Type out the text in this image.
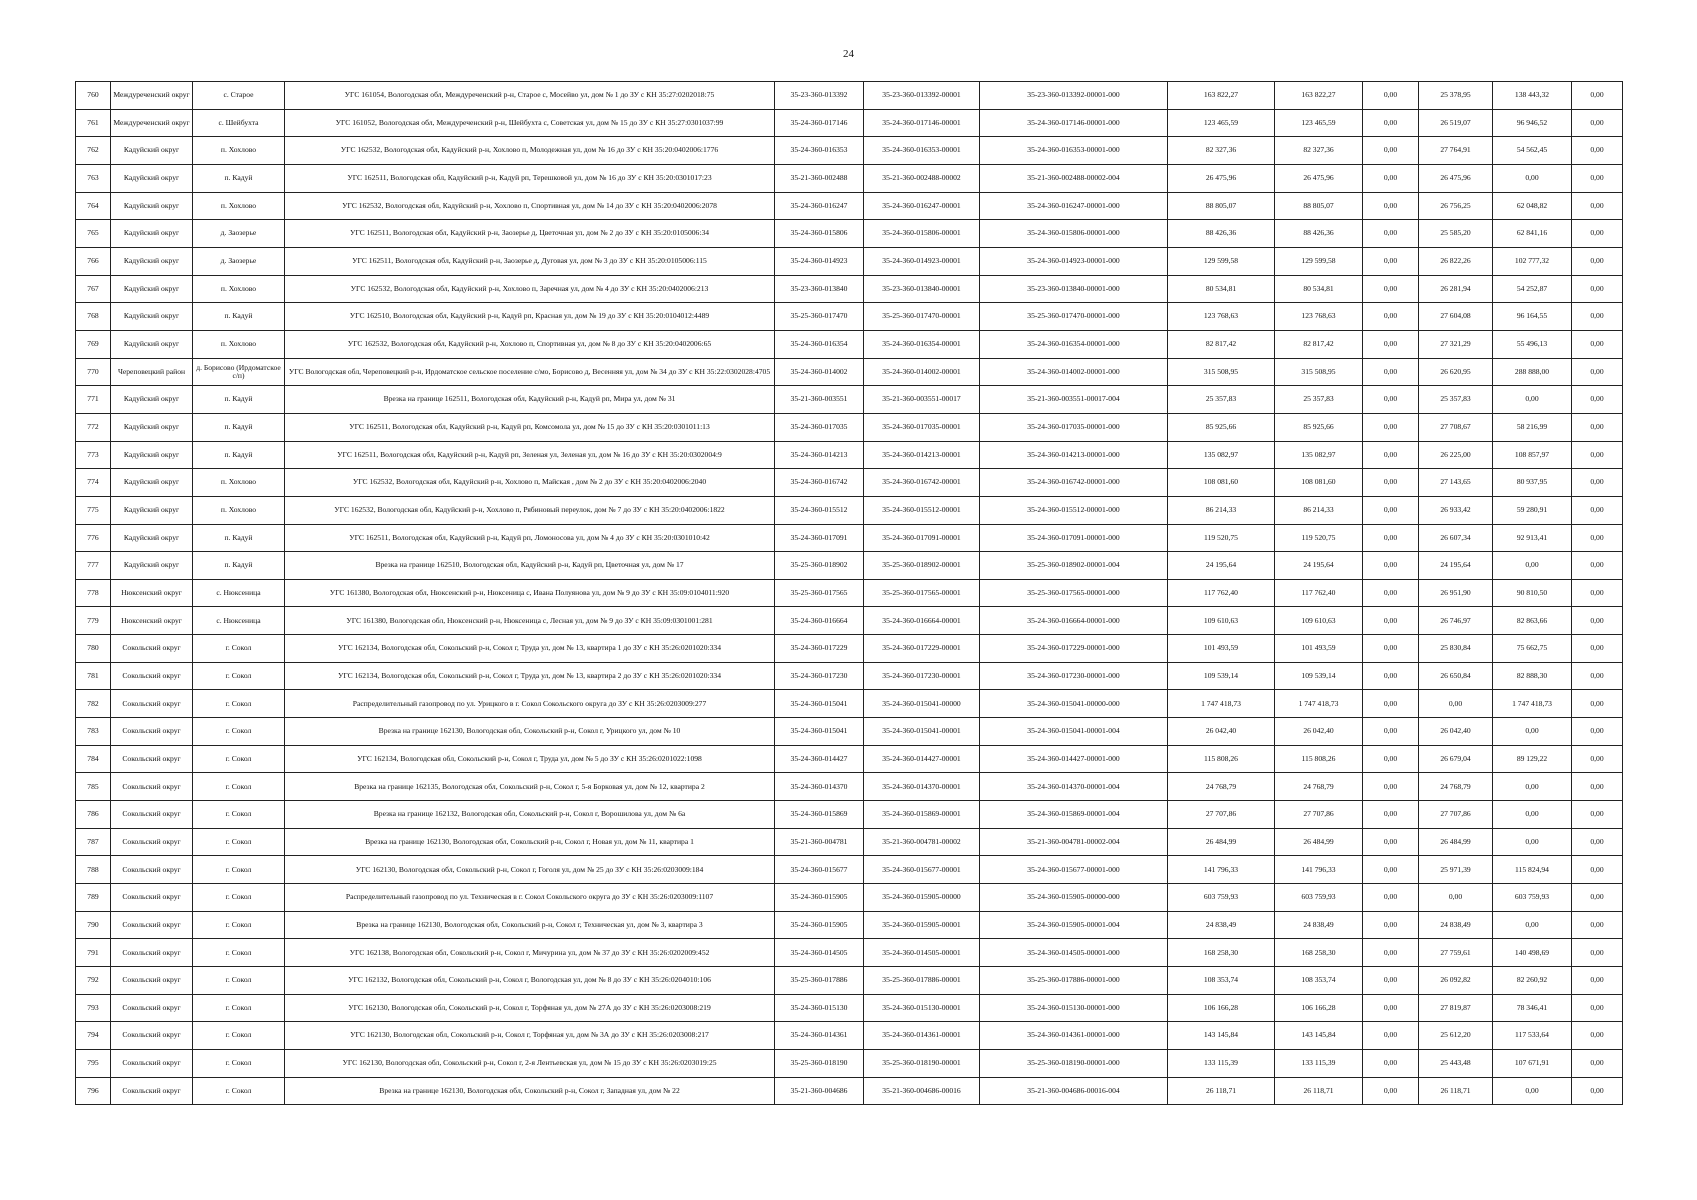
24
760	Междуреченский округ	с. Старое	УГС 161054, Вологодская обл, Междуреченский р-н, Старое с, Мосейво ул, дом № 1 до ЗУ с КН 35:27:0202018:75	35-23-360-013392	35-23-360-013392-00001	35-23-360-013392-00001-000	163 822,27	163 822,27	0,00	25 378,95	138 443,32	0,00
761	Междуреченский округ	с. Шейбухта	УГС 161052, Вологодская обл, Междуреченский р-н, Шейбухта с, Советская ул, дом № 15 до ЗУ с КН 35:27:0301037:99	35-24-360-017146	35-24-360-017146-00001	35-24-360-017146-00001-000	123 465,59	123 465,59	0,00	26 519,07	96 946,52	0,00
762	Кадуйский округ	п. Хохлово	УГС 162532, Вологодская обл, Кадуйский р-н, Хохлово п, Молодежная ул, дом № 16 до ЗУ с КН 35:20:0402006:1776	35-24-360-016353	35-24-360-016353-00001	35-24-360-016353-00001-000	82 327,36	82 327,36	0,00	27 764,91	54 562,45	0,00
763	Кадуйский округ	п. Кадуй	УГС 162511, Вологодская обл, Кадуйский р-н, Кадуй рп, Терешковой ул, дом № 16 до ЗУ с КН 35:20:0301017:23	35-21-360-002488	35-21-360-002488-00002	35-21-360-002488-00002-004	26 475,96	26 475,96	0,00	26 475,96	0,00	0,00
764	Кадуйский округ	п. Хохлово	УГС 162532, Вологодская обл, Кадуйский р-н, Хохлово п, Спортивная ул, дом № 14 до ЗУ с КН 35:20:0402006:2078	35-24-360-016247	35-24-360-016247-00001	35-24-360-016247-00001-000	88 805,07	88 805,07	0,00	26 756,25	62 048,82	0,00
765	Кадуйский округ	д. Заозерье	УГС 162511, Вологодская обл, Кадуйский р-н, Заозерье д, Цветочная ул, дом № 2 до ЗУ с КН 35:20:0105006:34	35-24-360-015806	35-24-360-015806-00001	35-24-360-015806-00001-000	88 426,36	88 426,36	0,00	25 585,20	62 841,16	0,00
766	Кадуйский округ	д. Заозерье	УГС 162511, Вологодская обл, Кадуйский р-н, Заозерье д, Дуговая ул, дом № 3 до ЗУ с КН 35:20:0105006:115	35-24-360-014923	35-24-360-014923-00001	35-24-360-014923-00001-000	129 599,58	129 599,58	0,00	26 822,26	102 777,32	0,00
767	Кадуйский округ	п. Хохлово	УГС 162532, Вологодская обл, Кадуйский р-н, Хохлово п, Заречная ул, дом № 4 до ЗУ с КН 35:20:0402006:213	35-23-360-013840	35-23-360-013840-00001	35-23-360-013840-00001-000	80 534,81	80 534,81	0,00	26 281,94	54 252,87	0,00
768	Кадуйский округ	п. Кадуй	УГС 162510, Вологодская обл, Кадуйский р-н, Кадуй рп, Красная ул, дом № 19 до ЗУ с КН 35:20:0104012:4489	35-25-360-017470	35-25-360-017470-00001	35-25-360-017470-00001-000	123 768,63	123 768,63	0,00	27 604,08	96 164,55	0,00
769	Кадуйский округ	п. Хохлово	УГС 162532, Вологодская обл, Кадуйский р-н, Хохлово п, Спортивная ул, дом № 8 до ЗУ с КН 35:20:0402006:65	35-24-360-016354	35-24-360-016354-00001	35-24-360-016354-00001-000	82 817,42	82 817,42	0,00	27 321,29	55 496,13	0,00
770	Череповецкий район	д. Борисово (Ирдоматское с/п)	УГС Вологодская обл, Череповецкий р-н, Ирдоматское сельское поселение с/мо, Борисово д, Весенняя ул, дом № 34 до ЗУ с КН 35:22:0302028:4705	35-24-360-014002	35-24-360-014002-00001	35-24-360-014002-00001-000	315 508,95	315 508,95	0,00	26 620,95	288 888,00	0,00
771	Кадуйский округ	п. Кадуй	Врезка на границе 162511, Вологодская обл, Кадуйский р-н, Кадуй рп, Мира ул, дом № 31	35-21-360-003551	35-21-360-003551-00017	35-21-360-003551-00017-004	25 357,83	25 357,83	0,00	25 357,83	0,00	0,00
772	Кадуйский округ	п. Кадуй	УГС 162511, Вологодская обл, Кадуйский р-н, Кадуй рп, Комсомола ул, дом № 15 до ЗУ с КН 35:20:0301011:13	35-24-360-017035	35-24-360-017035-00001	35-24-360-017035-00001-000	85 925,66	85 925,66	0,00	27 708,67	58 216,99	0,00
773	Кадуйский округ	п. Кадуй	УГС 162511, Вологодская обл, Кадуйский р-н, Кадуй рп, Зеленая ул, Зеленая ул, дом № 16 до ЗУ с КН 35:20:0302004:9	35-24-360-014213	35-24-360-014213-00001	35-24-360-014213-00001-000	135 082,97	135 082,97	0,00	26 225,00	108 857,97	0,00
774	Кадуйский округ	п. Хохлово	УГС 162532, Вологодская обл, Кадуйский р-н, Хохлово п, Майская , дом № 2 до ЗУ с КН 35:20:0402006:2040	35-24-360-016742	35-24-360-016742-00001	35-24-360-016742-00001-000	108 081,60	108 081,60	0,00	27 143,65	80 937,95	0,00
775	Кадуйский округ	п. Хохлово	УГС 162532, Вологодская обл, Кадуйский р-н, Хохлово п, Рябиновый переулок, дом № 7 до ЗУ с КН 35:20:0402006:1822	35-24-360-015512	35-24-360-015512-00001	35-24-360-015512-00001-000	86 214,33	86 214,33	0,00	26 933,42	59 280,91	0,00
776	Кадуйский округ	п. Кадуй	УГС 162511, Вологодская обл, Кадуйский р-н, Кадуй рп, Ломоносова ул, дом № 4 до ЗУ с КН 35:20:0301010:42	35-24-360-017091	35-24-360-017091-00001	35-24-360-017091-00001-000	119 520,75	119 520,75	0,00	26 607,34	92 913,41	0,00
777	Кадуйский округ	п. Кадуй	Врезка на границе 162510, Вологодская обл, Кадуйский р-н, Кадуй рп, Цветочная ул, дом № 17	35-25-360-018902	35-25-360-018902-00001	35-25-360-018902-00001-004	24 195,64	24 195,64	0,00	24 195,64	0,00	0,00
778	Нюксенский округ	с. Нюксеница	УГС 161380, Вологодская обл, Нюксенский р-н, Нюксеница с, Ивана Полуянова ул, дом № 9 до ЗУ с КН 35:09:0104011:920	35-25-360-017565	35-25-360-017565-00001	35-25-360-017565-00001-000	117 762,40	117 762,40	0,00	26 951,90	90 810,50	0,00
779	Нюксенский округ	с. Нюксеница	УГС 161380, Вологодская обл, Нюксенский р-н, Нюксеница с, Лесная ул, дом № 9 до ЗУ с КН 35:09:0301001:281	35-24-360-016664	35-24-360-016664-00001	35-24-360-016664-00001-000	109 610,63	109 610,63	0,00	26 746,97	82 863,66	0,00
780	Сокольский округ	г. Сокол	УГС 162134, Вологодская обл, Сокольский р-н, Сокол г, Труда ул, дом № 13, квартира 1 до ЗУ с КН 35:26:0201020:334	35-24-360-017229	35-24-360-017229-00001	35-24-360-017229-00001-000	101 493,59	101 493,59	0,00	25 830,84	75 662,75	0,00
781	Сокольский округ	г. Сокол	УГС 162134, Вологодская обл, Сокольский р-н, Сокол г, Труда ул, дом № 13, квартира 2 до ЗУ с КН 35:26:0201020:334	35-24-360-017230	35-24-360-017230-00001	35-24-360-017230-00001-000	109 539,14	109 539,14	0,00	26 650,84	82 888,30	0,00
782	Сокольский округ	г. Сокол	Распределительный газопровод по ул. Урицкого в г. Сокол Сокольского округа до ЗУ с КН 35:26:0203009:277	35-24-360-015041	35-24-360-015041-00000	35-24-360-015041-00000-000	1 747 418,73	1 747 418,73	0,00	0,00	1 747 418,73	0,00
783	Сокольский округ	г. Сокол	Врезка на границе 162130, Вологодская обл, Сокольский р-н, Сокол г, Урицкого ул, дом № 10	35-24-360-015041	35-24-360-015041-00001	35-24-360-015041-00001-004	26 042,40	26 042,40	0,00	26 042,40	0,00	0,00
784	Сокольский округ	г. Сокол	УГС 162134, Вологодская обл, Сокольский р-н, Сокол г, Труда ул, дом № 5 до ЗУ с КН 35:26:0201022:1098	35-24-360-014427	35-24-360-014427-00001	35-24-360-014427-00001-000	115 808,26	115 808,26	0,00	26 679,04	89 129,22	0,00
785	Сокольский округ	г. Сокол	Врезка на границе 162135, Вологодская обл, Сокольский р-н, Сокол г, 5-я Борковая ул, дом № 12, квартира 2	35-24-360-014370	35-24-360-014370-00001	35-24-360-014370-00001-004	24 768,79	24 768,79	0,00	24 768,79	0,00	0,00
786	Сокольский округ	г. Сокол	Врезка на границе 162132, Вологодская обл, Сокольский р-н, Сокол г, Ворошилова ул, дом № 6а	35-24-360-015869	35-24-360-015869-00001	35-24-360-015869-00001-004	27 707,86	27 707,86	0,00	27 707,86	0,00	0,00
787	Сокольский округ	г. Сокол	Врезка на границе 162130, Вологодская обл, Сокольский р-н, Сокол г, Новая ул, дом № 11, квартира 1	35-21-360-004781	35-21-360-004781-00002	35-21-360-004781-00002-004	26 484,99	26 484,99	0,00	26 484,99	0,00	0,00
788	Сокольский округ	г. Сокол	УГС 162130, Вологодская обл, Сокольский р-н, Сокол г, Гоголя ул, дом № 25 до ЗУ с КН 35:26:0203009:184	35-24-360-015677	35-24-360-015677-00001	35-24-360-015677-00001-000	141 796,33	141 796,33	0,00	25 971,39	115 824,94	0,00
789	Сокольский округ	г. Сокол	Распределительный газопровод по ул. Техническая в г. Сокол Сокольского округа до ЗУ с КН 35:26:0203009:1107	35-24-360-015905	35-24-360-015905-00000	35-24-360-015905-00000-000	603 759,93	603 759,93	0,00	0,00	603 759,93	0,00
790	Сокольский округ	г. Сокол	Врезка на границе 162130, Вологодская обл, Сокольский р-н, Сокол г, Техническая ул, дом № 3, квартира 3	35-24-360-015905	35-24-360-015905-00001	35-24-360-015905-00001-004	24 838,49	24 838,49	0,00	24 838,49	0,00	0,00
791	Сокольский округ	г. Сокол	УГС 162138, Вологодская обл, Сокольский р-н, Сокол г, Мичурина ул, дом № 37 до ЗУ с КН 35:26:0202009:452	35-24-360-014505	35-24-360-014505-00001	35-24-360-014505-00001-000	168 258,30	168 258,30	0,00	27 759,61	140 498,69	0,00
792	Сокольский округ	г. Сокол	УГС 162132, Вологодская обл, Сокольский р-н, Сокол г, Вологодская ул, дом № 8 до ЗУ с КН 35:26:0204010:106	35-25-360-017886	35-25-360-017886-00001	35-25-360-017886-00001-000	108 353,74	108 353,74	0,00	26 092,82	82 260,92	0,00
793	Сокольский округ	г. Сокол	УГС 162130, Вологодская обл, Сокольский р-н, Сокол г, Торфяная ул, дом № 27А до ЗУ с КН 35:26:0203008:219	35-24-360-015130	35-24-360-015130-00001	35-24-360-015130-00001-000	106 166,28	106 166,28	0,00	27 819,87	78 346,41	0,00
794	Сокольский округ	г. Сокол	УГС 162130, Вологодская обл, Сокольский р-н, Сокол г, Торфяная ул, дом № 3А до ЗУ с КН 35:26:0203008:217	35-24-360-014361	35-24-360-014361-00001	35-24-360-014361-00001-000	143 145,84	143 145,84	0,00	25 612,20	117 533,64	0,00
795	Сокольский округ	г. Сокол	УГС 162130, Вологодская обл, Сокольский р-н, Сокол г, 2-я Лентьевская ул, дом № 15 до ЗУ с КН 35:26:0203019:25	35-25-360-018190	35-25-360-018190-00001	35-25-360-018190-00001-000	133 115,39	133 115,39	0,00	25 443,48	107 671,91	0,00
796	Сокольский округ	г. Сокол	Врезка на границе 162130, Вологодская обл, Сокольский р-н, Сокол г, Западная ул, дом № 22	35-21-360-004686	35-21-360-004686-00016	35-21-360-004686-00016-004	26 118,71	26 118,71	0,00	26 118,71	0,00	0,00
